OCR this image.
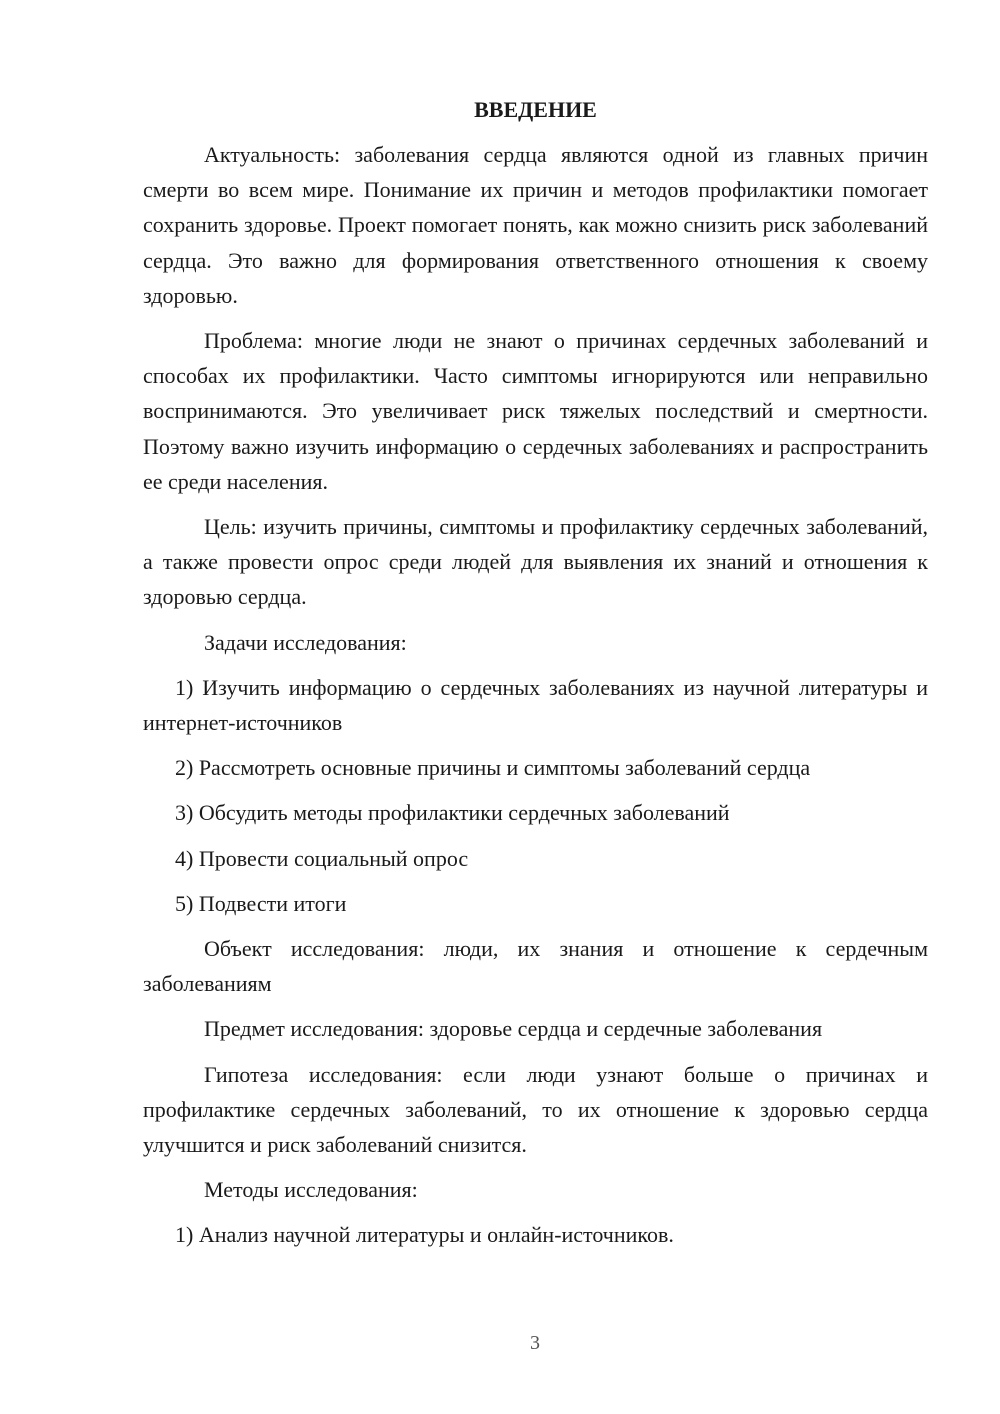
ВВЕДЕНИЕ

Актуальность: заболевания сердца являются одной из главных причин смерти во всем мире. Понимание их причин и методов профилактики помогает сохранить здоровье. Проект помогает понять, как можно снизить риск заболеваний сердца. Это важно для формирования ответственного отношения к своему здоровью.

Проблема: многие люди не знают о причинах сердечных заболеваний и способах их профилактики. Часто симптомы игнорируются или неправильно воспринимаются. Это увеличивает риск тяжелых последствий и смертности. Поэтому важно изучить информацию о сердечных заболеваниях и распространить ее среди населения.

Цель: изучить причины, симптомы и профилактику сердечных заболеваний, а также провести опрос среди людей для выявления их знаний и отношения к здоровью сердца.

Задачи исследования:

1) Изучить информацию о сердечных заболеваниях из научной литературы и интернет-источников

2) Рассмотреть основные причины и симптомы заболеваний сердца

3) Обсудить методы профилактики сердечных заболеваний

4) Провести социальный опрос

5) Подвести итоги

Объект исследования: люди, их знания и отношение к сердечным заболеваниям

Предмет исследования: здоровье сердца и сердечные заболевания

Гипотеза исследования: если люди узнают больше о причинах и профилактике сердечных заболеваний, то их отношение к здоровью сердца улучшится и риск заболеваний снизится.

Методы исследования:

1) Анализ научной литературы и онлайн-источников.

3
